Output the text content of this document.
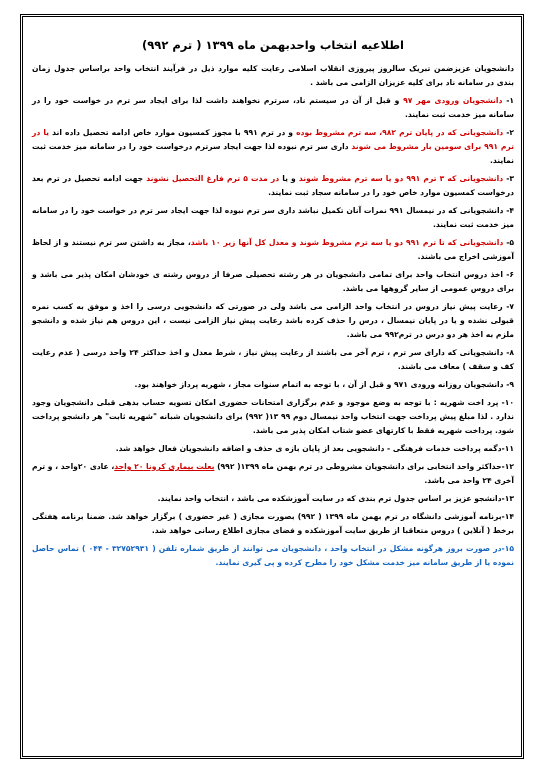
اطلاعیه انتخاب واحدبهمن ماه ۱۳۹۹ ( ترم ۹۹۲)

دانشجویان عزیزضمن تبریک سالروز پیروزی انقلاب اسلامی رعایت کلیه موارد ذیل در فرآیند انتخاب واحد براساس جدول زمان بندی در سامانه ناد برای کلیه عزیزان الزامی می باشد .

۱- دانشجویان ورودی مهر ۹۷ و قبل از آن در سیستم ناد، سرترم نخواهند داشت لذا برای ایجاد سر ترم در خواست خود را در سامانه میز خدمت ثبت نمایند.

۲- دانشجویانی که در پایان ترم ۹۸۲، سه ترم مشروط بوده و در ترم ۹۹۱ با مجوز کمسیون موارد خاص ادامه تحصیل داده اند یا در ترم ۹۹۱ برای سومین بار مشروط می شوند داری سر ترم نبوده لذا جهت ایجاد سرترم درخواست خود را در سامانه میز خدمت ثبت نمایند.

۳- دانشجویانی که ۳ ترم ۹۹۱ دو یا سه ترم مشروط شوند و یا در مدت ۵ ترم فارغ التحصیل نشوند جهت ادامه تحصیل در ترم بعد درخواست کمسیون موارد خاص خود را در سامانه سجاد ثبت نمایند.

۴- دانشجویانی که در نیمسال ۹۹۱ نمرات آنان تکمیل نباشد داری سر ترم نبوده لذا جهت ایجاد سر ترم در خواست خود را در سامانه میز خدمت ثبت نمایند.

۵- دانشجویانی که تا ترم ۹۹۱ دو یا سه ترم مشروط شوند و معدل کل آنها زیر ۱۰ باشد، مجاز به داشتن سر ترم نیستند و از لحاظ آموزشی اخراج می باشند.

۶- اخذ دروس انتخاب واحد برای تمامی دانشجویان در هر رشته تحصیلی صرفا از دروس رشته ی خودشان امکان پذیر می باشد و برای دروس عمومی از سایر گروهها می باشد.

۷- رعایت پیش نیاز دروس در انتخاب واحد الزامی می باشد ولی در صورتی که دانشجویی درسی را اخذ و موفق به کسب نمره قبولی نشده و یا در پایان نیمسال ، درس را حذف کرده باشد رعایت پیش نیاز الزامی نیست ، این دروس هم نیاز شده و دانشجو ملزم به اخذ هر دو درس در ترم۹۹۲ می باشد.

۸- دانشجویانی که دارای سر ترم ، ترم آخر می باشند از رعایت پیش نیاز ، شرط معدل و اخذ حداکثر ۲۴ واحد درسی ( عدم رعایت کف و سقف ) معاف می باشند.

۹- دانشجویان روزانه ورودی ۹۷۱ و قبل از آن ، با توجه به اتمام سنوات مجاز ، شهریه پرداز خواهند بود.

۱۰- پرد اخت شهریه : با توجه به وضع موجود و عدم برگزاری امتحانات حضوری امکان تسویه حساب بدهی قبلی دانشجویان وجود ندارد . لذا مبلغ پیش پرداخت جهت انتخاب واحد نیمسال دوم ۹۹ ۱۳( ۹۹۲) برای دانشجویان شبانه "شهریه ثابت" هر دانشجو پرداخت شود. پرداخت شهریه فقط با کارتهای عضو شتاب امکان پذیر می باشد.

۱۱-دگمه پرداخت خدمات فرهنگی - دانشجویی بعد از پایان بازه ی حذف و اضافه دانشجویان فعال خواهد شد.

۱۲-حداکثر واحد انتخابی برای دانشجویان مشروطی در ترم بهمن ماه ۱۳۹۹( ۹۹۲) بعلت بیماری کرونا ۲۰ واحد، عادی ۲۰واحد ، و ترم آخری ۲۴ واحد می باشد.

۱۳-دانشجو عزیز بر اساس جدول ترم بندی که در سایت آموزشکده می باشد ، انتخاب واحد نمایند.

۱۴-برنامه آموزشی دانشگاه در ترم بهمن ماه ۱۳۹۹ ( ۹۹۲) بصورت مجازی ( غیر حضوری ) برگزار خواهد شد. ضمنا برنامه هفتگی برخط ( آنلاین ) دروس متعاقبا از طریق سایت آموزشکده و فضای مجازی اطلاع رسانی خواهد شد.

۱۵-در صورت بروز هرگونه مشکل در انتخاب واحد ، دانشجویان می توانند از طریق شماره تلفن ( ۳۲۷۵۲۹۳۱ - ۰۴۴ ) تماس حاصل نموده یا از طریق سامانه میز خدمت مشکل خود را مطرح کرده و پی گیری نمایند.
